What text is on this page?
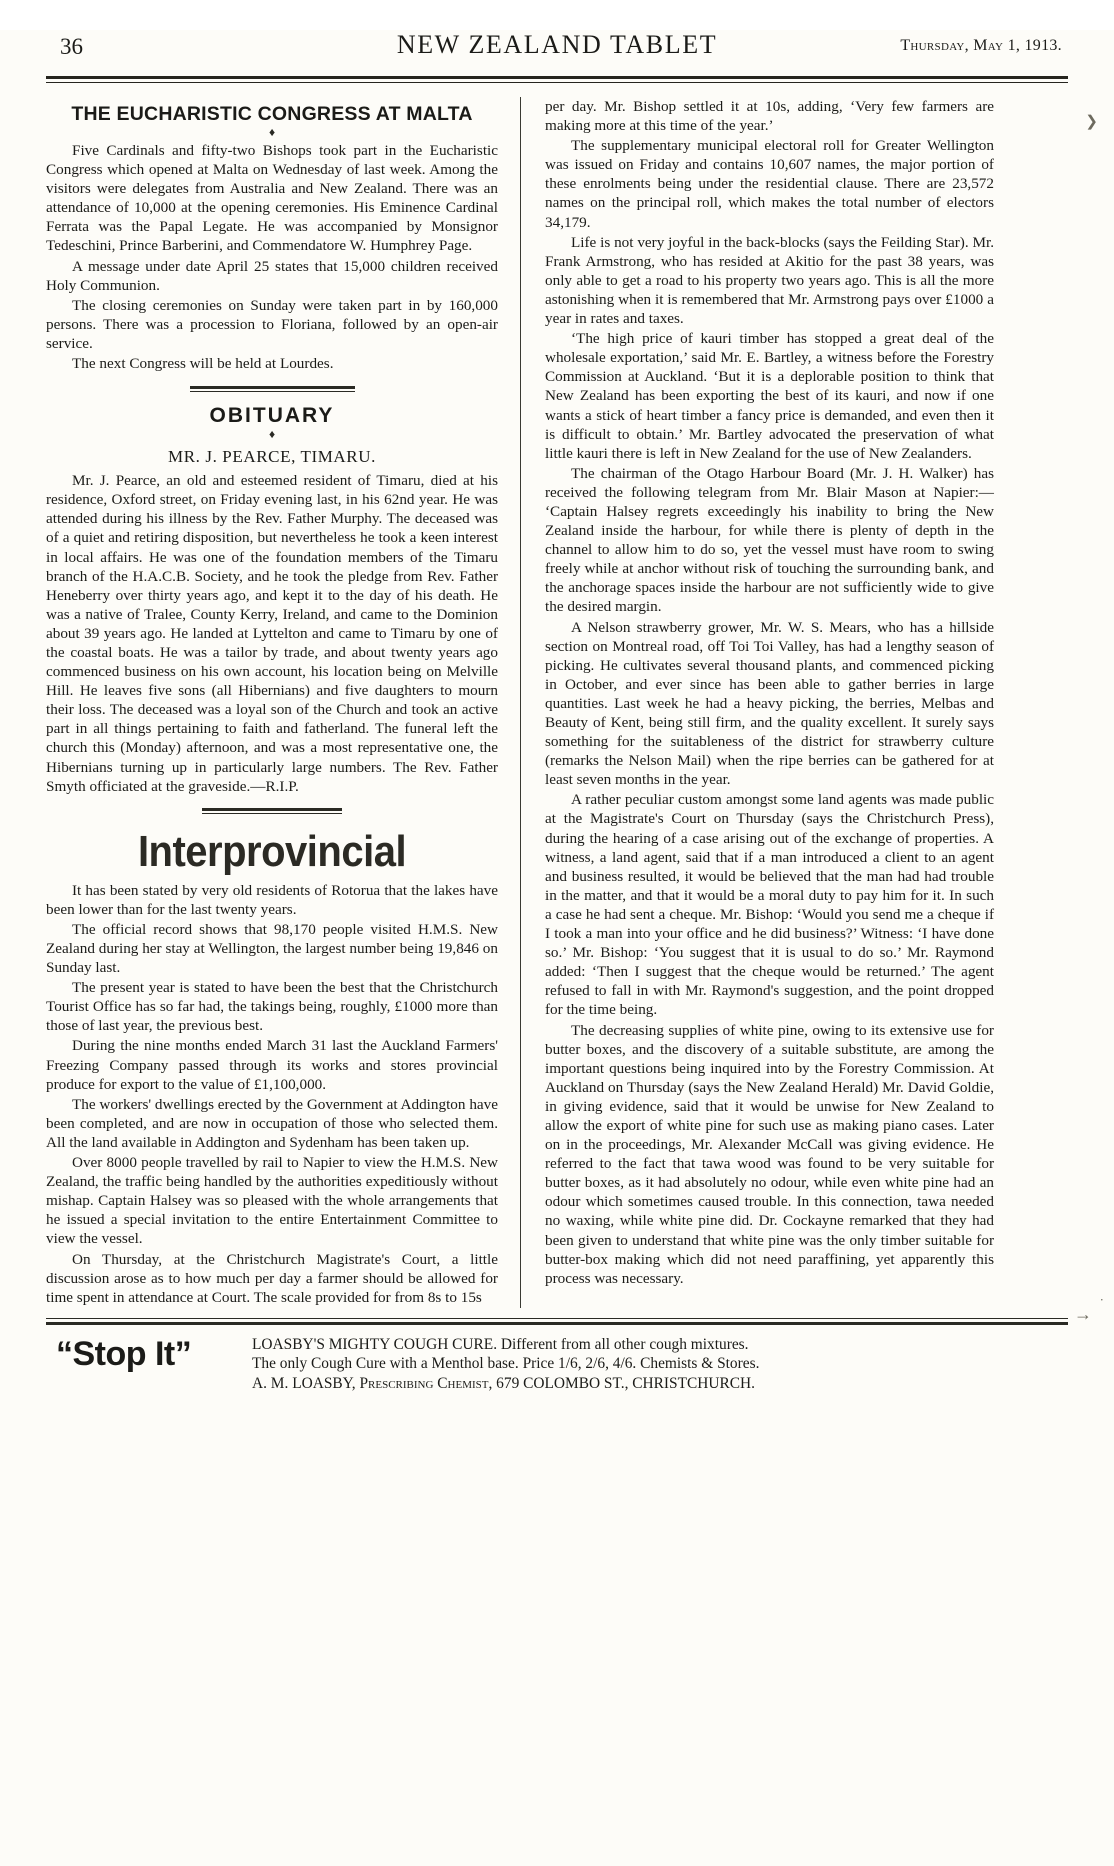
❯
·
→
36	NEW ZEALAND TABLET	Thursday, May 1, 1913.
THE EUCHARISTIC CONGRESS AT MALTA
♦

Five Cardinals and fifty-two Bishops took part in the Eucharistic Congress which opened at Malta on Wednesday of last week. Among the visitors were delegates from Australia and New Zealand. There was an attendance of 10,000 at the opening ceremonies. His Eminence Cardinal Ferrata was the Papal Legate. He was accompanied by Monsignor Tedeschini, Prince Barberini, and Commendatore W. Humphrey Page.

A message under date April 25 states that 15,000 children received Holy Communion.

The closing ceremonies on Sunday were taken part in by 160,000 persons. There was a procession to Floriana, followed by an open-air service.

The next Congress will be held at Lourdes.

OBITUARY
♦
MR. J. PEARCE, TIMARU.

Mr. J. Pearce, an old and esteemed resident of Timaru, died at his residence, Oxford street, on Friday evening last, in his 62nd year. He was attended during his illness by the Rev. Father Murphy. The deceased was of a quiet and retiring disposition, but nevertheless he took a keen interest in local affairs. He was one of the foundation members of the Timaru branch of the H.A.C.B. Society, and he took the pledge from Rev. Father Heneberry over thirty years ago, and kept it to the day of his death. He was a native of Tralee, County Kerry, Ireland, and came to the Dominion about 39 years ago. He landed at Lyttelton and came to Timaru by one of the coastal boats. He was a tailor by trade, and about twenty years ago commenced business on his own account, his location being on Melville Hill. He leaves five sons (all Hibernians) and five daughters to mourn their loss. The deceased was a loyal son of the Church and took an active part in all things pertaining to faith and fatherland. The funeral left the church this (Monday) afternoon, and was a most representative one, the Hibernians turning up in particularly large numbers. The Rev. Father Smyth officiated at the graveside.—R.I.P.

Interprovincial

It has been stated by very old residents of Rotorua that the lakes have been lower than for the last twenty years.

The official record shows that 98,170 people visited H.M.S. New Zealand during her stay at Wellington, the largest number being 19,846 on Sunday last.

The present year is stated to have been the best that the Christchurch Tourist Office has so far had, the takings being, roughly, £1000 more than those of last year, the previous best.

During the nine months ended March 31 last the Auckland Farmers' Freezing Company passed through its works and stores provincial produce for export to the value of £1,100,000.

The workers' dwellings erected by the Government at Addington have been completed, and are now in occupation of those who selected them. All the land available in Addington and Sydenham has been taken up.

Over 8000 people travelled by rail to Napier to view the H.M.S. New Zealand, the traffic being handled by the authorities expeditiously without mishap. Captain Halsey was so pleased with the whole arrangements that he issued a special invitation to the entire Entertainment Committee to view the vessel.

On Thursday, at the Christchurch Magistrate's Court, a little discussion arose as to how much per day a farmer should be allowed for time spent in attendance at Court. The scale provided for from 8s to 15s

per day. Mr. Bishop settled it at 10s, adding, ‘Very few farmers are making more at this time of the year.’

The supplementary municipal electoral roll for Greater Wellington was issued on Friday and contains 10,607 names, the major portion of these enrolments being under the residential clause. There are 23,572 names on the principal roll, which makes the total number of electors 34,179.

Life is not very joyful in the back-blocks (says the Feilding Star). Mr. Frank Armstrong, who has resided at Akitio for the past 38 years, was only able to get a road to his property two years ago. This is all the more astonishing when it is remembered that Mr. Armstrong pays over £1000 a year in rates and taxes.

‘The high price of kauri timber has stopped a great deal of the wholesale exportation,’ said Mr. E. Bartley, a witness before the Forestry Commission at Auckland. ‘But it is a deplorable position to think that New Zealand has been exporting the best of its kauri, and now if one wants a stick of heart timber a fancy price is demanded, and even then it is difficult to obtain.’ Mr. Bartley advocated the preservation of what little kauri there is left in New Zealand for the use of New Zealanders.

The chairman of the Otago Harbour Board (Mr. J. H. Walker) has received the following telegram from Mr. Blair Mason at Napier:— ‘Captain Halsey regrets exceedingly his inability to bring the New Zealand inside the harbour, for while there is plenty of depth in the channel to allow him to do so, yet the vessel must have room to swing freely while at anchor without risk of touching the surrounding bank, and the anchorage spaces inside the harbour are not sufficiently wide to give the desired margin.

A Nelson strawberry grower, Mr. W. S. Mears, who has a hillside section on Montreal road, off Toi Toi Valley, has had a lengthy season of picking. He cultivates several thousand plants, and commenced picking in October, and ever since has been able to gather berries in large quantities. Last week he had a heavy picking, the berries, Melbas and Beauty of Kent, being still firm, and the quality excellent. It surely says something for the suitableness of the district for strawberry culture (remarks the Nelson Mail) when the ripe berries can be gathered for at least seven months in the year.

A rather peculiar custom amongst some land agents was made public at the Magistrate's Court on Thursday (says the Christchurch Press), during the hearing of a case arising out of the exchange of properties. A witness, a land agent, said that if a man introduced a client to an agent and business resulted, it would be believed that the man had had trouble in the matter, and that it would be a moral duty to pay him for it. In such a case he had sent a cheque. Mr. Bishop: ‘Would you send me a cheque if I took a man into your office and he did business?’ Witness: ‘I have done so.’ Mr. Bishop: ‘You suggest that it is usual to do so.’ Mr. Raymond added: ‘Then I suggest that the cheque would be returned.’ The agent refused to fall in with Mr. Raymond's suggestion, and the point dropped for the time being.

The decreasing supplies of white pine, owing to its extensive use for butter boxes, and the discovery of a suitable substitute, are among the important questions being inquired into by the Forestry Commission. At Auckland on Thursday (says the New Zealand Herald) Mr. David Goldie, in giving evidence, said that it would be unwise for New Zealand to allow the export of white pine for such use as making piano cases. Later on in the proceedings, Mr. Alexander McCall was giving evidence. He referred to the fact that tawa wood was found to be very suitable for butter boxes, as it had absolutely no odour, while even white pine had an odour which sometimes caused trouble. In this connection, tawa needed no waxing, while white pine did. Dr. Cockayne remarked that they had been given to understand that white pine was the only timber suitable for butter-box making which did not need paraffining, yet apparently this process was necessary.

“Stop It”	LOASBY'S MIGHTY COUGH CURE. Different from all other cough mixtures.
The only Cough Cure with a Menthol base. Price 1/6, 2/6, 4/6. Chemists & Stores.
A. M. LOASBY, Prescribing Chemist, 679 COLOMBO ST., CHRISTCHURCH.
